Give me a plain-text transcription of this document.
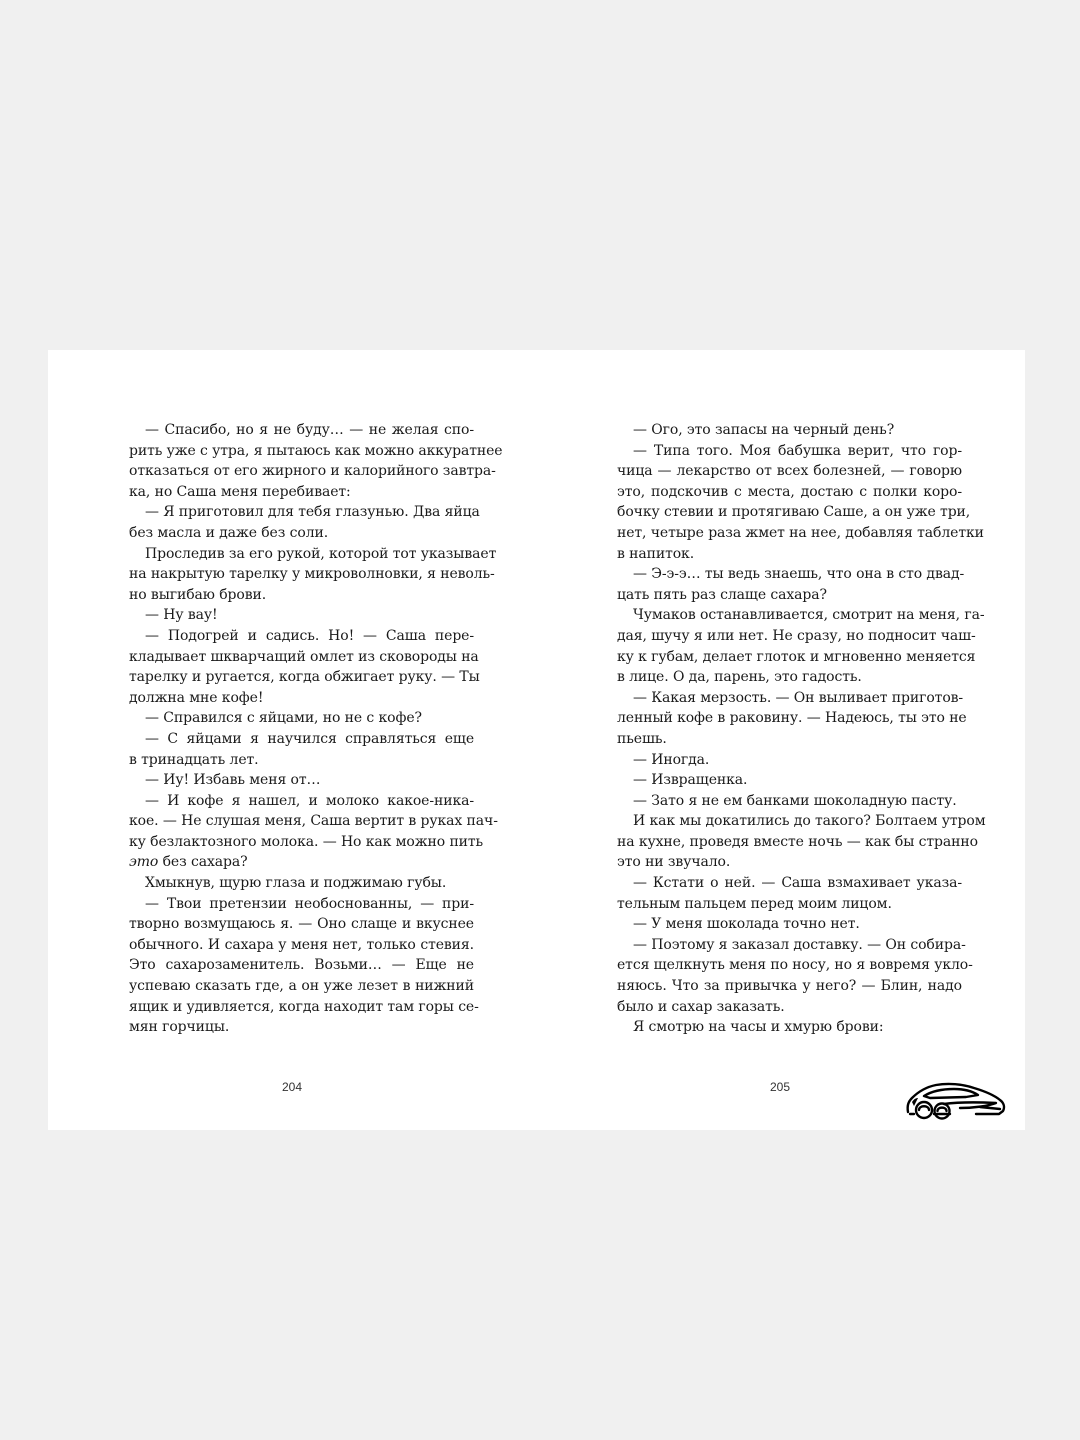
— Спасибо, но я не буду… — не желая спо-
рить уже с утра, я пытаюсь как можно аккуратнее
отказаться от его жирного и калорийного завтра-
ка, но Саша меня перебивает:
— Я приготовил для тебя глазунью. Два яйца
без масла и даже без соли.
Проследив за его рукой, которой тот указывает
на накрытую тарелку у микроволновки, я неволь-
но выгибаю брови.
— Ну вау!
— Подогрей и садись. Но! — Саша пере-
кладывает шкварчащий омлет из сковороды на
тарелку и ругается, когда обжигает руку. — Ты
должна мне кофе!
— Справился с яйцами, но не с кофе?
— С яйцами я научился справляться еще
в тринадцать лет.
— Иу! Избавь меня от…
— И кофе я нашел, и молоко какое-ника-
кое. — Не слушая меня, Саша вертит в руках пач-
ку безлактозного молока. — Но как можно пить
это без сахара?
Хмыкнув, щурю глаза и поджимаю губы.
— Твои претензии необоснованны, — при-
творно возмущаюсь я. — Оно слаще и вкуснее
обычного. И сахара у меня нет, только стевия.
Это сахарозаменитель. Возьми… — Еще не
успеваю сказать где, а он уже лезет в нижний
ящик и удивляется, когда находит там горы се-
мян горчицы.
— Ого, это запасы на черный день?
— Типа того. Моя бабушка верит, что гор-
чица — лекарство от всех болезней, — говорю
это, подскочив с места, достаю с полки коро-
бочку стевии и протягиваю Саше, а он уже три,
нет, четыре раза жмет на нее, добавляя таблетки
в напиток.
— Э-э-э… ты ведь знаешь, что она в сто двад-
цать пять раз слаще сахара?
Чумаков останавливается, смотрит на меня, га-
дая, шучу я или нет. Не сразу, но подносит чаш-
ку к губам, делает глоток и мгновенно меняется
в лице. О да, парень, это гадость.
— Какая мерзость. — Он выливает приготов-
ленный кофе в раковину. — Надеюсь, ты это не
пьешь.
— Иногда.
— Извращенка.
— Зато я не ем банками шоколадную пасту.
И как мы докатились до такого? Болтаем утром
на кухне, проведя вместе ночь — как бы странно
это ни звучало.
— Кстати о ней. — Саша взмахивает указа-
тельным пальцем перед моим лицом.
— У меня шоколада точно нет.
— Поэтому я заказал доставку. — Он собира-
ется щелкнуть меня по носу, но я вовремя укло-
няюсь. Что за привычка у него? — Блин, надо
было и сахар заказать.
Я смотрю на часы и хмурю брови:
204	205
